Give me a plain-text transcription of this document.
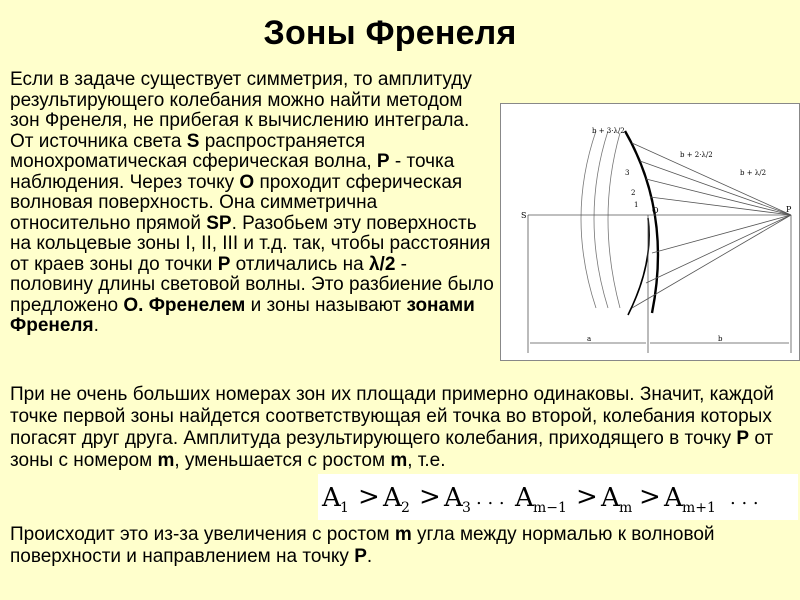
Зоны Френеля
Если в задаче существует симметрия, то амплитуду результирующего колебания можно найти методом зон Френеля, не прибегая к вычислению интеграла. От источника света S распространяется монохроматическая сферическая волна, P - точка наблюдения. Через точку O проходит сферическая волновая поверхность. Она симметрична относительно прямой SP. Разобьем эту поверхность на кольцевые зоны I, II, III и т.д. так, чтобы расстояния от краев зоны до точки P отличались на λ/2 - половину длины световой волны. Это разбиение было предложено О. Френелем и зоны называют зонами Френеля.
S
O	P
a	b
3
2
1
b + 3·λ/2
b + 2·λ/2
b + λ/2
При не очень больших номерах зон их площади примерно одинаковы. Значит, каждой точке первой зоны найдется соответствующая ей точка во второй, колебания которых погасят друг друга. Амплитуда результирующего колебания, приходящего в точку P от зоны с номером m, уменьшается с ростом m, т.е.
A 1 > A 2 > A 3 . . . A m−1 > A m > A m+1 . . .
Происходит это из-за увеличения с ростом m угла между нормалью к волновой поверхности и направлением на точку P.
